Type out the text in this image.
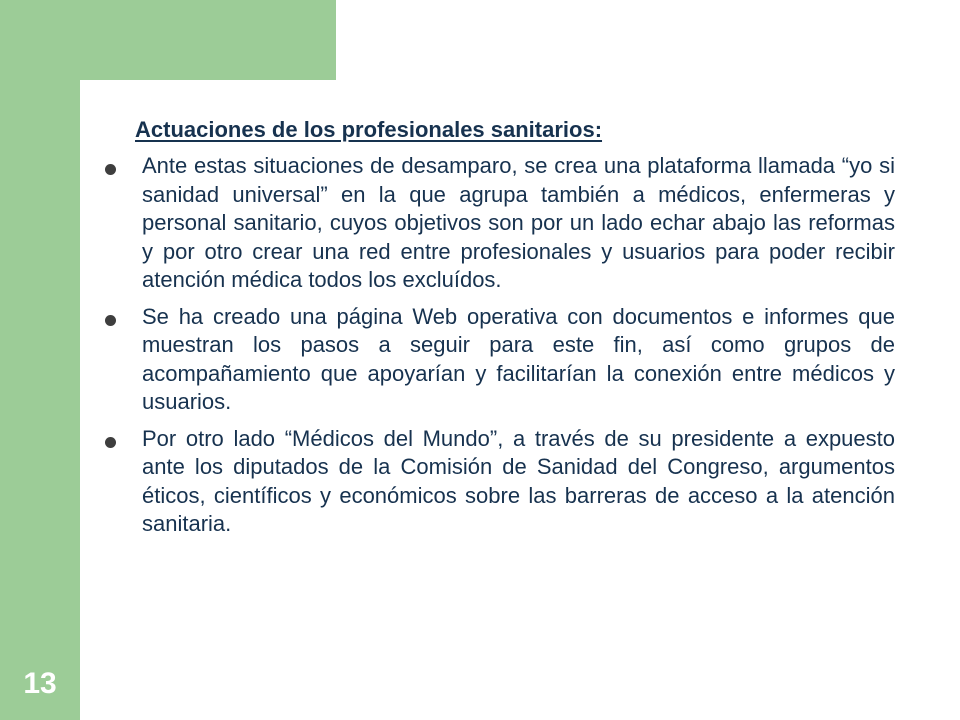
13
Actuaciones de los profesionales sanitarios:
Ante estas situaciones de desamparo, se crea una plataforma llamada “yo si sanidad universal” en la que agrupa también a médicos, enfermeras y personal sanitario, cuyos objetivos son por un lado echar abajo las reformas y por otro crear una red entre profesionales y usuarios para poder recibir atención médica todos los excluídos.
Se ha creado una página Web operativa con documentos e informes que muestran los pasos a seguir para este fin, así como grupos de acompañamiento que apoyarían y facilitarían la conexión entre médicos y usuarios.
Por otro lado “Médicos del Mundo”, a través de su presidente a expuesto ante los diputados de la Comisión de Sanidad del Congreso, argumentos éticos, científicos y económicos sobre las barreras de acceso a la atención sanitaria.
